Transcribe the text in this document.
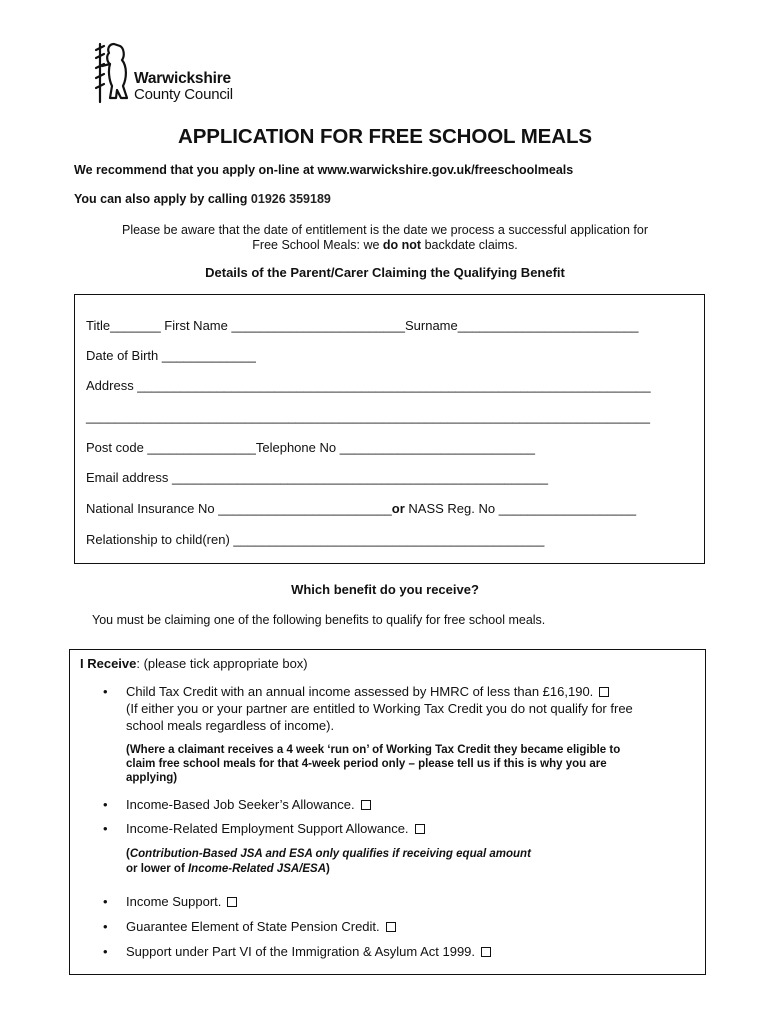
Warwickshire
County Council
APPLICATION FOR FREE SCHOOL MEALS
We recommend that you apply on-line at www.warwickshire.gov.uk/freeschoolmeals
You can also apply by calling 01926 359189
Please be aware that the date of entitlement is the date we process a successful application for
Free School Meals: we do not backdate claims.
Details of the Parent/Carer Claiming the Qualifying Benefit
Title_______ First Name ________________________Surname_________________________
Date of Birth _____________
Address _______________________________________________________________________
______________________________________________________________________________
Post code _______________Telephone No ___________________________
Email address ____________________________________________________
National Insurance No ________________________or NASS Reg. No ___________________
Relationship to child(ren) ___________________________________________
Which benefit do you receive?
You must be claiming one of the following benefits to qualify for free school meals.
I Receive: (please tick appropriate box)
• Child Tax Credit with an annual income assessed by HMRC of less than £16,190.
(If either you or your partner are entitled to Working Tax Credit you do not qualify for free
school meals regardless of income).
(Where a claimant receives a 4 week ‘run on’ of Working Tax Credit they became eligible to
claim free school meals for that 4-week period only – please tell us if this is why you are
applying)
• Income-Based Job Seeker’s Allowance.
• Income-Related Employment Support Allowance.
(Contribution-Based JSA and ESA only qualifies if receiving equal amount
or lower of Income-Related JSA/ESA)
• Income Support.
• Guarantee Element of State Pension Credit.
• Support under Part VI of the Immigration & Asylum Act 1999.
